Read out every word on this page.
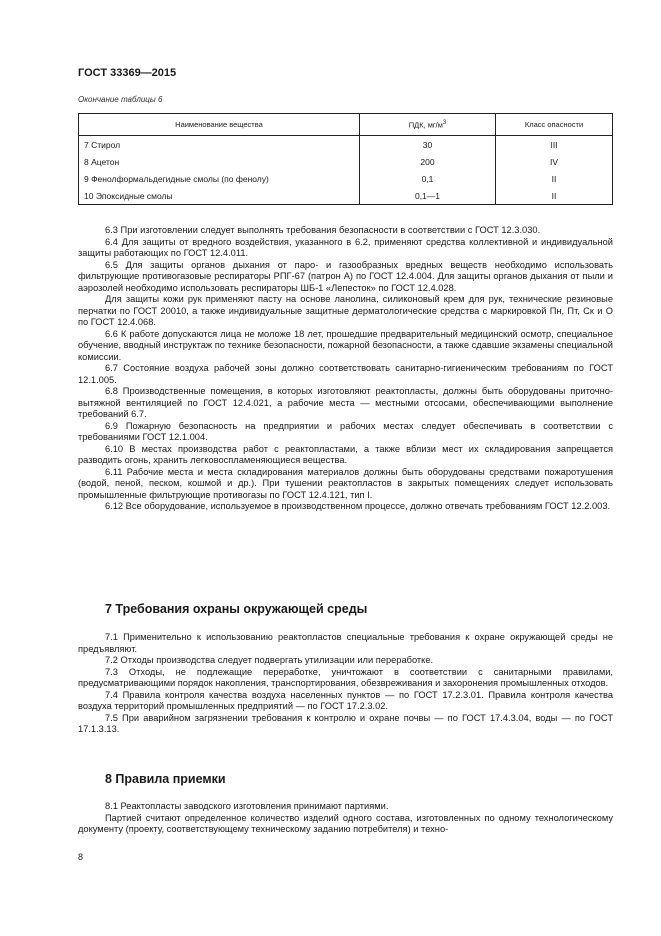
ГОСТ 33369—2015
Окончание таблицы 6
Наименование вещества	ПДК, $мг/м^3$	Класс опасности
7 Стирол	30	III
8 Ацетон	200	IV
9 Фенолформальдегидные смолы (по фенолу)	0,1	II
10 Эпоксидные смолы	0,1—1	II

6.3 При изготовлении следует выполнять требования безопасности в соответствии с ГОСТ 12.3.030.

6.4 Для защиты от вредного воздействия, указанного в 6.2, применяют средства коллективной и индивидуальной защиты работающих по ГОСТ 12.4.011.

6.5 Для защиты органов дыхания от паро- и газообразных вредных веществ необходимо использовать фильтрующие противогазовые респираторы РПГ-67 (патрон А) по ГОСТ 12.4.004. Для защиты органов дыхания от пыли и аэрозолей необходимо использовать респираторы ШБ-1 «Лепесток» по ГОСТ 12.4.028.

Для защиты кожи рук применяют пасту на основе ланолина, силиконовый крем для рук, технические резиновые перчатки по ГОСТ 20010, а также индивидуальные защитные дерматологические средства с маркировкой Пн, Пт, Ск и О по ГОСТ 12.4.068.

6.6 К работе допускаются лица не моложе 18 лет, прошедшие предварительный медицинский осмотр, специальное обучение, вводный инструктаж по технике безопасности, пожарной безопасности, а также сдавшие экзамены специальной комиссии.

6.7 Состояние воздуха рабочей зоны должно соответствовать санитарно-гигиеническим требованиям по ГОСТ 12.1.005.

6.8 Производственные помещения, в которых изготовляют реактопласты, должны быть оборудованы приточно-вытяжной вентиляцией по ГОСТ 12.4.021, а рабочие места — местными отсосами, обеспечивающими выполнение требований 6.7.

6.9 Пожарную безопасность на предприятии и рабочих местах следует обеспечивать в соответствии с требованиями ГОСТ 12.1.004.

6.10 В местах производства работ с реактопластами, а также вблизи мест их складирования запрещается разводить огонь, хранить легковоспламеняющиеся вещества.

6.11 Рабочие места и места складирования материалов должны быть оборудованы средствами пожаротушения (водой, пеной, песком, кошмой и др.). При тушении реактопластов в закрытых помещениях следует использовать промышленные фильтрующие противогазы по ГОСТ 12.4.121, тип I.

6.12 Все оборудование, используемое в производственном процессе, должно отвечать требованиям ГОСТ 12.2.003.

7 Требования охраны окружающей среды

7.1 Применительно к использованию реактопластов специальные требования к охране окружающей среды не предъявляют.

7.2 Отходы производства следует подвергать утилизации или переработке.

7.3 Отходы, не подлежащие переработке, уничтожают в соответствии с санитарными правилами, предусматривающими порядок накопления, транспортирования, обезвреживания и захоронения промышленных отходов.

7.4 Правила контроля качества воздуха населенных пунктов — по ГОСТ 17.2.3.01. Правила контроля качества воздуха территорий промышленных предприятий — по ГОСТ 17.2.3.02.

7.5 При аварийном загрязнении требования к контролю и охране почвы — по ГОСТ 17.4.3.04, воды — по ГОСТ 17.1.3.13.

8 Правила приемки

8.1 Реактопласты заводского изготовления принимают партиями.

Партией считают определенное количество изделий одного состава, изготовленных по одному технологическому документу (проекту, соответствующему техническому заданию потребителя) и техно-

8
